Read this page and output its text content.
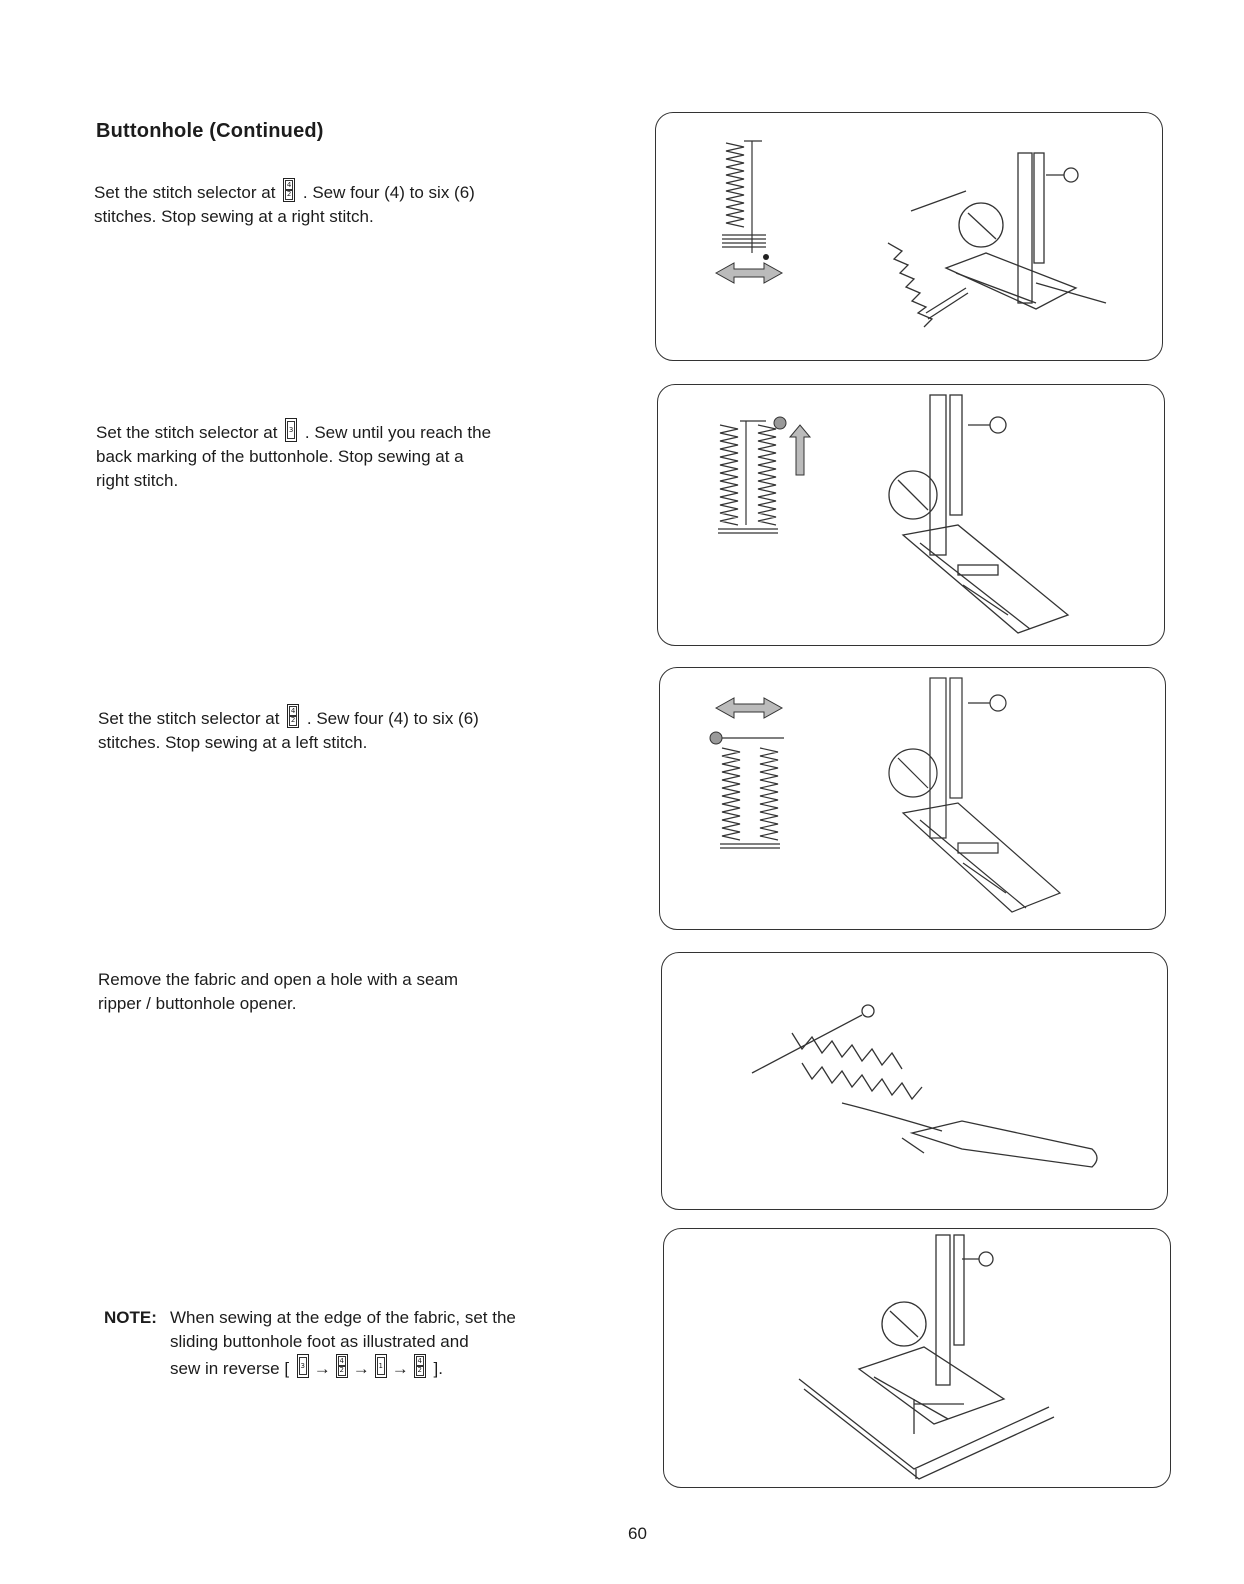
Buttonhole (Continued)
Set the stitch selector at $\frac{4}{2}$ . Sew four (4) to six (6)
stitches. Stop sewing at a right stitch.
Set the stitch selector at 3 . Sew until you reach the
back marking of the buttonhole. Stop sewing at a
right stitch.
Set the stitch selector at $\frac{4}{2}$ . Sew four (4) to six (6)
stitches. Stop sewing at a left stitch.
Remove the fabric and open a hole with a seam
ripper / buttonhole opener.
NOTE: When sewing at the edge of the fabric, set the
sliding buttonhole foot as illustrated and
sew in reverse [ $3 \to \frac{4}{2} \to 1 \to \frac{4}{2}$ ].
60
